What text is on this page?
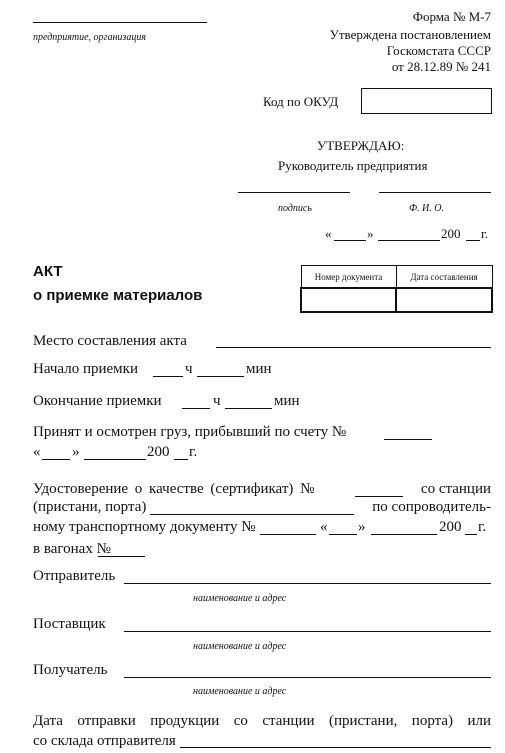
предприятие, организация
Форма № М-7
Утверждена постановлением
Госкомстата СССР
от 28.12.89 № 241
Код по ОКУД
УТВЕРЖДАЮ:
Руководитель предприятия
подпись	Ф. И. О.
«	»	200 г.
АКТ
о приемке материалов
Номер документа	Дата составления

Место составления акта
Начало приемки	ч	мин
Окончание приемки	ч	мин
Принят и осмотрен груз, прибывший по счету №
« »	200 г.
Удостоверение о качестве (сертификат) №	со станции
(пристани, порта)	по сопроводитель-
ному транспортному документу №	« »	200 г.
в вагонах №
Отправитель
наименование и адрес
Поставщик
наименование и адрес
Получатель
наименование и адрес
Дата отправки продукции со станции (пристани, порта) или
со склада отправителя
